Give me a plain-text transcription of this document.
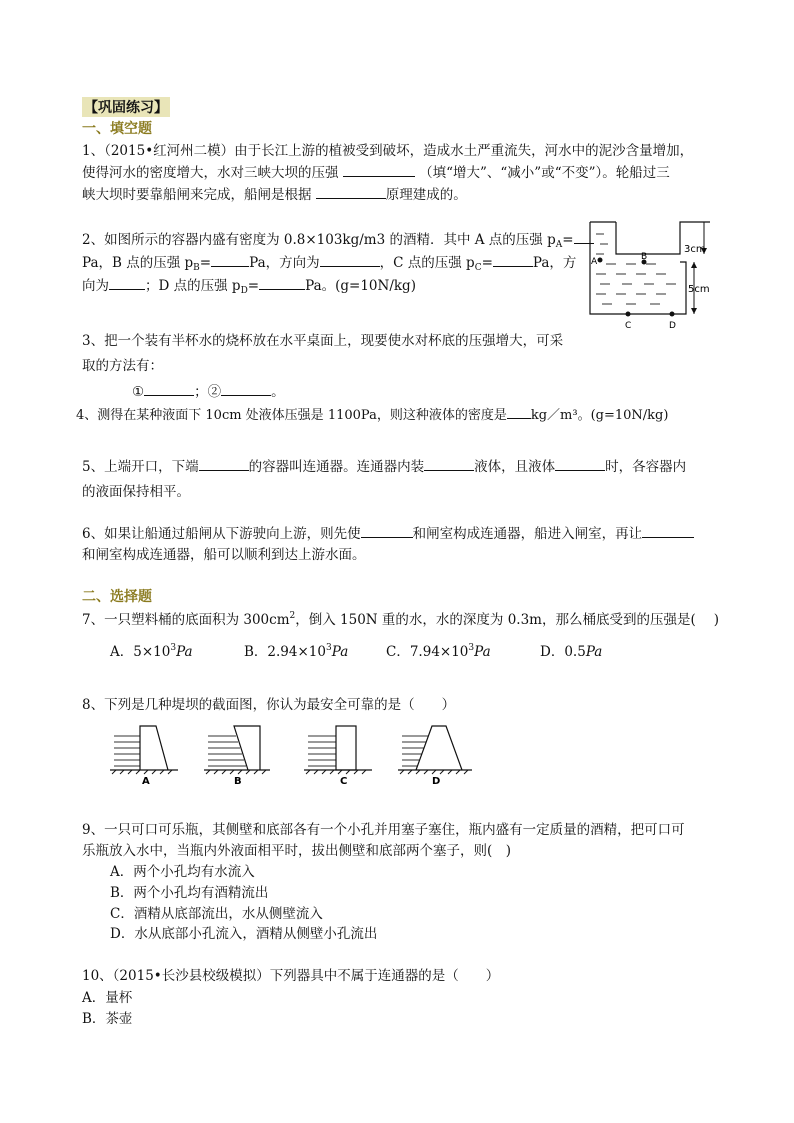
【巩固练习】
一、填空题
1、（2015•红河州二模）由于长江上游的植被受到破坏，造成水土严重流失，河水中的泥沙含量增加，
使得河水的密度增大，水对三峡大坝的压强	（填“增大”、“减小”或“不变”）。轮船过三
峡大坝时要靠船闸来完成，船闸是根据	原理建成的。
2、如图所示的容器内盛有密度为 0.8×103kg/m3 的酒精．其中 A 点的压强 $p_A=$
Pa，B 点的压强 $p_B=$	Pa，方向为	，C 点的压强 $p_C=$	Pa，方
向为	；D 点的压强 $p_D=$	Pa。(g=10N/kg)
3cm
5cm
A	B
C	D
3、把一个装有半杯水的烧杯放在水平桌面上，现要使水对杯底的压强增大，可采
取的方法有：
①	；②	。
4、测得在某种液面下 10cm 处液体压强是 1100Pa，则这种液体的密度是 kg／m³。(g=10N/kg)
5、上端开口，下端	的容器叫连通器。连通器内装	液体，且液体	时，各容器内
的液面保持相平。
6、如果让船通过船闸从下游驶向上游，则先使	和闸室构成连通器，船进入闸室，再让
和闸室构成连通器，船可以顺利到达上游水面。
二、选择题
7、一只塑料桶的底面积为 $300cm^2$，倒入 150N 重的水，水的深度为 0.3m，那么桶底受到的压强是( )
A．$5\times 10^3Pa$	B．$2.94\times 10^3Pa$	C．$7.94\times 10^3Pa$	D．0.5Pa
8、下列是几种堤坝的截面图，你认为最安全可靠的是（　　）
A	B	C	D
9、一只可口可乐瓶，其侧壁和底部各有一个小孔并用塞子塞住，瓶内盛有一定质量的酒精，把可口可
乐瓶放入水中，当瓶内外液面相平时，拔出侧壁和底部两个塞子，则(　)
A．两个小孔均有水流入
B．两个小孔均有酒精流出
C．酒精从底部流出，水从侧壁流入
D．水从底部小孔流入，酒精从侧壁小孔流出
10、（2015•长沙县校级模拟）下列器具中不属于连通器的是（　　）
A．量杯
B．茶壶
